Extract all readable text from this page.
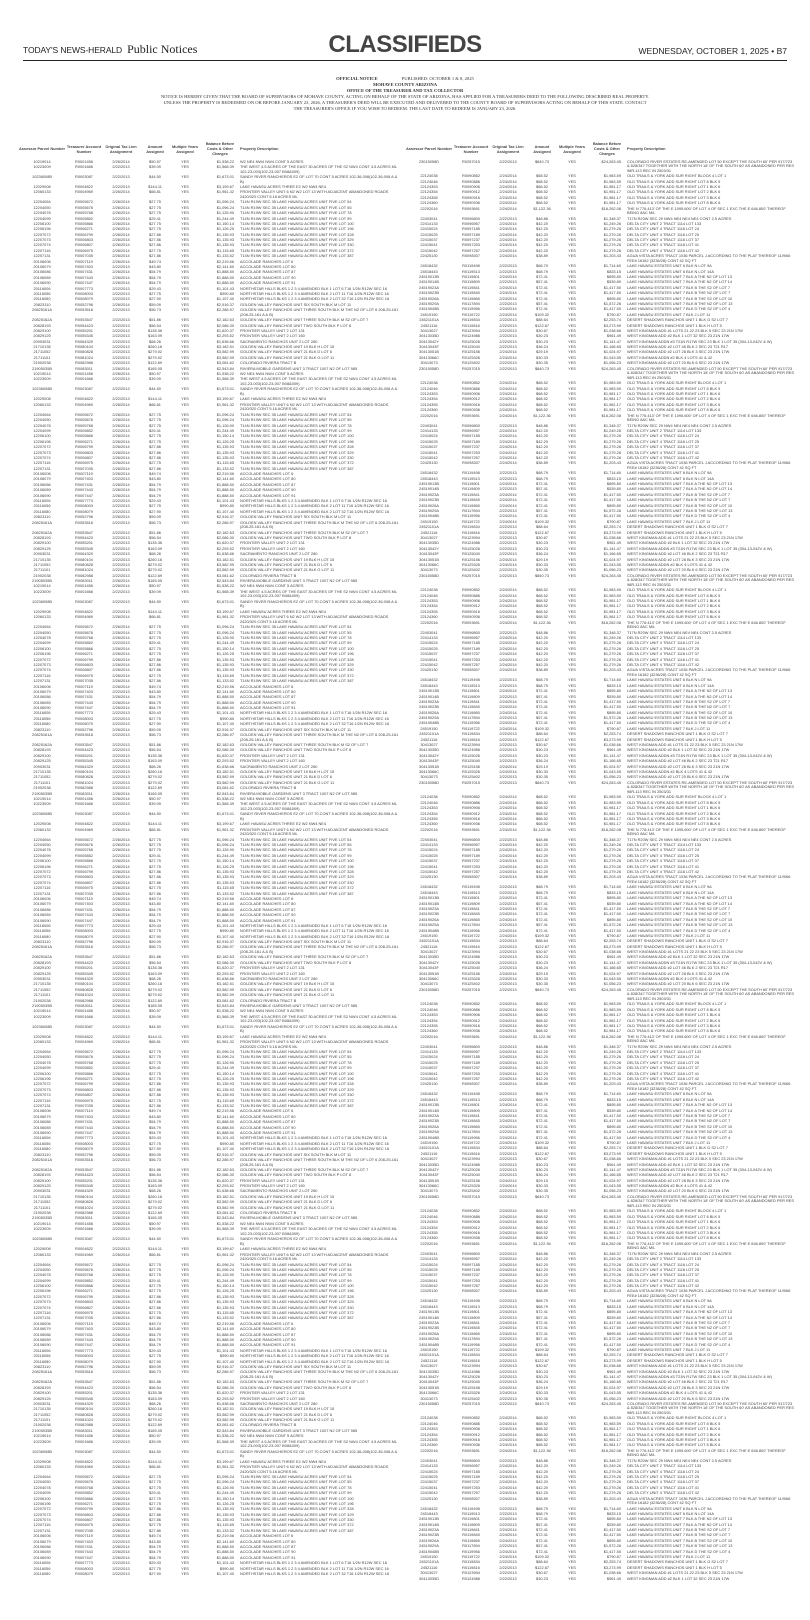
TODAY'S NEWS-HERALD Public Notices	CLASSIFIEDS	WEDNESDAY, OCTOBER 1, 2025 • B7
OFFICIAL NOTICE	PUBLISHED: OCTOBER 1 & 8, 2025
MOHAVE COUNTY ARIZONA
OFFICE OF THE TREASURER AND TAX COLLECTOR
NOTICE IS HEREBY GIVEN THAT THE BOARD OF SUPERVISORS OF MOHAVE COUNTY, ACTING ON BEHALF OF THE STATE OF ARIZONA, HAS APPLIED FOR A TREASURERS DEED TO THE FOLLOWING DESCRIBED REAL PROPERTY. UNLESS THE PROPERTY IS REDEEMED ON OR BEFORE JANUARY 23, 2026, A TREASURER'S DEED WILL BE EXECUTED AND DELIVERED TO THE COUNTY BOARD OF SUPERVISORS ACTING ON BEHALF OF THIS STATE. CONTACT THE TREASURER'S OFFICE IF YOU WISH TO REDEEM. THE LAST DATE TO REDEEM IS JANUARY 23, 2026.
Assessor Parcel Number
Treasurer Account Number
Original Tax Lien Assignment
Amount Assigned
Multiple Years Assigned
Balance Before Costs & Other Charges
Property Description
10219014	R0001456	2/26/2014	$50.97	YES	$1,538.22	W2 NE4 NW4 NW4 CONT 5 ACRES
10223009	R0001666	2/22/2013	$39.09	YES	$1,568.39	THE WEST 4.5 ACRES OF THE EAST 30 ACRES OF THE S2 NW4 CONT 4.5 ACRES ML 102-23-003(102-23-007 B08&009)
10236008B	R0003087	2/22/2013	$44.50	YES	$1,673.01	SANDY RIVER RANCHEROS E2 OF LOT 70 CONT 5 ACRES 102-36-008(102-36-008 A & B)
12029008	R0004822	2/22/2013	$144.11	YES	$3,199.67	LAKE HAVASU ACRES THREE E2 W2 NW4 NE4
12060133	R0004969	2/26/2014	$66.81	YES	$1,961.32	FRONTIER VALLEY UNIT 6 N2 W2 LOT 13 WITH ADJACENT ABANDONED ROADS 2420/320 CONT 5.16 ACRES ML
12204064	R0005672	2/26/2014	$27.75	YES	$1,096.24	T14N R19W SEC 35 LAKE HAVASU ACRES UNIT FIVE LOT 54
12204050	R0005676	2/26/2014	$27.75	YES	$1,096.24	T14N R19W SEC 35 LAKE HAVASU ACRES UNIT FIVE LOT 55
12204078	R0005768	2/26/2014	$27.75	YES	$1,126.90	T14N R19W SEC 35 LAKE HAVASU ACRES UNIT FIVE LOT 78
12204099	R0005852	2/22/2013	$29.41	YES	$1,244.49	T14N R19W SEC 35 LAKE HAVASU ACRES UNIT FIVE LOT 99
12206100	R0005866	2/26/2014	$27.75	YES	$1,150.14	T14N R19W SEC 35 LAKE HAVASU ACRES UNIT FIVE LOT 100
12206196	R0006271	2/26/2014	$27.75	YES	$1,126.25	T14N R19W SEC 35 LAKE HAVASU ACRES UNIT FIVE LOT 196
12207072	R0006799	2/26/2014	$27.86	YES	$1,135.93	T14N R19W SEC 35 LAKE HAVASU ACRES UNIT FIVE LOT 328
12207073	R0006803	2/26/2014	$27.86	YES	$1,135.93	T14N R19W SEC 35 LAKE HAVASU ACRES UNIT FIVE LOT 329
12207074	R0006807	2/26/2014	$27.86	YES	$1,135.93	T14N R19W SEC 35 LAKE HAVASU ACRES UNIT FIVE LOT 330
12207116	R0006975	2/26/2014	$27.75	YES	$1,115.65	T14N R19W SEC 35 LAKE HAVASU ACRES UNIT FIVE LOT 372
12207131	R0007035	2/26/2014	$27.86	YES	$1,133.52	T14N R19W SEC 35 LAKE HAVASU ACRES UNIT FIVE LOT 387
20106006	R0007119	2/26/2014	$49.74	YES	$2,219.56	ACCOLADE RANCHES LOT 6
20106079	R0007403	2/22/2013	$43.80	YES	$2,141.60	ACCOLADE RANCHES LOT 80
20106086	R0007431	2/26/2014	$54.79	YES	$1,888.50	ACCOLADE RANCHES LOT 87
20106089	R0007443	2/26/2014	$54.79	YES	$1,888.50	ACCOLADE RANCHES LOT 90
20106090	R0007447	2/26/2014	$54.79	YES	$1,888.50	ACCOLADE RANCHES LOT 91
20116006	R0007773	2/22/2013	$29.43	YES	$1,101.43	NORTHSTAR HILLS BLKS 1 2 3 4 AMENDED BLK 1 LOT 6 T16 1/2N R12W SEC 16
20116056	R0008003	2/22/2013	$27.75	YES	$990.80	NORTHSTAR HILLS BLKS 1 2 3 4 AMENDED BLK 2 LOT 11 T16 1/2N R12W SEC 16
20116080	R0008079	2/22/2013	$27.90	YES	$1,107.40	NORTHSTAR HILLS BLKS 1 2 3 4 AMENDED BLK 2 LOT 32 T16 1/2N R12W SEC 16
20823110	R0052796	2/26/2014	$59.09	YES	$2,916.37	GOLDEN VALLEY RANCHOS UNIT SIX SOUTH BLK M LOT 11
20825161A	R0053518	2/22/2013	$56.73	YES	$2,286.97	GOLDEN VALLEY RANCHOS UNIT THREE SOUTH BLK M THE N2 OF LOT 6 208-25-161 (208-25-161 A & B)
20825162A	R0053547	2/22/2013	$51.86	YES	$2,182.63	GOLDEN VALLEY RANCHOS UNIT THREE SOUTH BLK M S2 OF LOT 7
20828193	R0054423	2/22/2013	$56.54	YES	$2,086.30	GOLDEN VALLEY RANCHOS UNIT TWO SOUTH BLK P LOT 8
20829100	R0055201	2/22/2013	$135.36	YES	$1,620.37	FRONTIER VALLEY UNIT 2 LOT 131
20829125	R0055345	2/22/2013	$163.09	YES	$2,293.52	FRONTIER VALLEY UNIT 2 LOT 160
20903031	R0064329	2/22/2013	$68.26	YES	$1,638.66	SACRAMENTO RANCHOS UNIT 2 LOT 280
21710135	R0080104	2/22/2013	$260.16	YES	$3,182.51	GOLDEN VALLEY RANCHOS UNIT 19 BLK H LOT 15
21711052	R0080828	2/22/2013	$279.02	YES	$3,582.99	GOLDEN VALLEY RANCHOS UNIT 21 BLK D LOT 6
21711101	R0081024	2/22/2013	$279.02	YES	$3,582.99	GOLDEN VALLEY RANCHOS UNIT 21 BLK G LOT 11
21902038	R0082988	2/22/2013	$122.69	YES	$3,081.62	COLORADO RIVIERA TRACT B
21905035B	R0083011	2/26/2014	$165.05	YES	$2,543.84	RIVIERA MOBILE GARDENS UNIT 3 TRACT 1007 N2 OF LOT 985
10219014	R0001456	2/26/2014	$50.97	YES	$1,538.22	W2 NE4 NW4 NW4 CONT 5 ACRES
10223009	R0001666	2/22/2013	$39.09	YES	$1,568.39	THE WEST 4.5 ACRES OF THE EAST 30 ACRES OF THE S2 NW4 CONT 4.5 ACRES ML 102-23-003(102-23-007 B08&009)
10236008B	R0003087	2/22/2013	$44.50	YES	$1,673.01	SANDY RIVER RANCHEROS E2 OF LOT 70 CONT 5 ACRES 102-36-008(102-36-008 A & B)
12029008	R0004822	2/22/2013	$144.11	YES	$3,199.67	LAKE HAVASU ACRES THREE E2 W2 NW4 NE4
12060133	R0004969	2/26/2014	$66.81	YES	$1,961.32	FRONTIER VALLEY UNIT 6 N2 W2 LOT 13 WITH ADJACENT ABANDONED ROADS 2420/320 CONT 5.16 ACRES ML
12204064	R0005672	2/26/2014	$27.75	YES	$1,096.24	T14N R19W SEC 35 LAKE HAVASU ACRES UNIT FIVE LOT 54
12204050	R0005676	2/26/2014	$27.75	YES	$1,096.24	T14N R19W SEC 35 LAKE HAVASU ACRES UNIT FIVE LOT 55
12204078	R0005768	2/26/2014	$27.75	YES	$1,126.90	T14N R19W SEC 35 LAKE HAVASU ACRES UNIT FIVE LOT 78
12204099	R0005852	2/22/2013	$29.41	YES	$1,244.49	T14N R19W SEC 35 LAKE HAVASU ACRES UNIT FIVE LOT 99
12206100	R0005866	2/26/2014	$27.75	YES	$1,150.14	T14N R19W SEC 35 LAKE HAVASU ACRES UNIT FIVE LOT 100
12206196	R0006271	2/26/2014	$27.75	YES	$1,126.25	T14N R19W SEC 35 LAKE HAVASU ACRES UNIT FIVE LOT 196
12207072	R0006799	2/26/2014	$27.86	YES	$1,135.93	T14N R19W SEC 35 LAKE HAVASU ACRES UNIT FIVE LOT 328
12207073	R0006803	2/26/2014	$27.86	YES	$1,135.93	T14N R19W SEC 35 LAKE HAVASU ACRES UNIT FIVE LOT 329
12207074	R0006807	2/26/2014	$27.86	YES	$1,135.93	T14N R19W SEC 35 LAKE HAVASU ACRES UNIT FIVE LOT 330
12207116	R0006975	2/26/2014	$27.75	YES	$1,115.65	T14N R19W SEC 35 LAKE HAVASU ACRES UNIT FIVE LOT 372
12207131	R0007035	2/26/2014	$27.86	YES	$1,133.52	T14N R19W SEC 35 LAKE HAVASU ACRES UNIT FIVE LOT 387
20106006	R0007119	2/26/2014	$49.74	YES	$2,219.56	ACCOLADE RANCHES LOT 6
20106079	R0007403	2/22/2013	$43.80	YES	$2,141.60	ACCOLADE RANCHES LOT 80
20106086	R0007431	2/26/2014	$54.79	YES	$1,888.50	ACCOLADE RANCHES LOT 87
20106089	R0007443	2/26/2014	$54.79	YES	$1,888.50	ACCOLADE RANCHES LOT 90
20106090	R0007447	2/26/2014	$54.79	YES	$1,888.50	ACCOLADE RANCHES LOT 91
20116006	R0007773	2/22/2013	$29.43	YES	$1,101.43	NORTHSTAR HILLS BLKS 1 2 3 4 AMENDED BLK 1 LOT 6 T16 1/2N R12W SEC 16
20116056	R0008003	2/22/2013	$27.75	YES	$990.80	NORTHSTAR HILLS BLKS 1 2 3 4 AMENDED BLK 2 LOT 11 T16 1/2N R12W SEC 16
20116080	R0008079	2/22/2013	$27.90	YES	$1,107.40	NORTHSTAR HILLS BLKS 1 2 3 4 AMENDED BLK 2 LOT 32 T16 1/2N R12W SEC 16
20823110	R0052796	2/26/2014	$59.09	YES	$2,916.37	GOLDEN VALLEY RANCHOS UNIT SIX SOUTH BLK M LOT 11
20825161A	R0053518	2/22/2013	$56.73	YES	$2,286.97	GOLDEN VALLEY RANCHOS UNIT THREE SOUTH BLK M THE N2 OF LOT 6 208-25-161 (208-25-161 A & B)
20825162A	R0053547	2/22/2013	$51.86	YES	$2,182.63	GOLDEN VALLEY RANCHOS UNIT THREE SOUTH BLK M S2 OF LOT 7
20828193	R0054423	2/22/2013	$56.54	YES	$2,086.30	GOLDEN VALLEY RANCHOS UNIT TWO SOUTH BLK P LOT 8
20829100	R0055201	2/22/2013	$135.36	YES	$1,620.37	FRONTIER VALLEY UNIT 2 LOT 131
20829125	R0055345	2/22/2013	$163.09	YES	$2,293.52	FRONTIER VALLEY UNIT 2 LOT 160
20903031	R0064329	2/22/2013	$68.26	YES	$1,638.66	SACRAMENTO RANCHOS UNIT 2 LOT 280
21710135	R0080104	2/22/2013	$260.16	YES	$3,182.51	GOLDEN VALLEY RANCHOS UNIT 19 BLK H LOT 15
21711052	R0080828	2/22/2013	$279.02	YES	$3,582.99	GOLDEN VALLEY RANCHOS UNIT 21 BLK D LOT 6
21711101	R0081024	2/22/2013	$279.02	YES	$3,582.99	GOLDEN VALLEY RANCHOS UNIT 21 BLK G LOT 11
21902038	R0082988	2/22/2013	$122.69	YES	$3,081.62	COLORADO RIVIERA TRACT B
21905035B	R0083011	2/26/2014	$165.05	YES	$2,543.84	RIVIERA MOBILE GARDENS UNIT 3 TRACT 1007 N2 OF LOT 985
10219014	R0001456	2/26/2014	$50.97	YES	$1,538.22	W2 NE4 NW4 NW4 CONT 5 ACRES
10223009	R0001666	2/22/2013	$39.09	YES	$1,568.39	THE WEST 4.5 ACRES OF THE EAST 30 ACRES OF THE S2 NW4 CONT 4.5 ACRES ML 102-23-003(102-23-007 B08&009)
10236008B	R0003087	2/22/2013	$44.50	YES	$1,673.01	SANDY RIVER RANCHEROS E2 OF LOT 70 CONT 5 ACRES 102-36-008(102-36-008 A & B)
12029008	R0004822	2/22/2013	$144.11	YES	$3,199.67	LAKE HAVASU ACRES THREE E2 W2 NW4 NE4
12060133	R0004969	2/26/2014	$66.81	YES	$1,961.32	FRONTIER VALLEY UNIT 6 N2 W2 LOT 13 WITH ADJACENT ABANDONED ROADS 2420/320 CONT 5.16 ACRES ML
12204064	R0005672	2/26/2014	$27.75	YES	$1,096.24	T14N R19W SEC 35 LAKE HAVASU ACRES UNIT FIVE LOT 54
12204050	R0005676	2/26/2014	$27.75	YES	$1,096.24	T14N R19W SEC 35 LAKE HAVASU ACRES UNIT FIVE LOT 55
12204078	R0005768	2/26/2014	$27.75	YES	$1,126.90	T14N R19W SEC 35 LAKE HAVASU ACRES UNIT FIVE LOT 78
12204099	R0005852	2/22/2013	$29.41	YES	$1,244.49	T14N R19W SEC 35 LAKE HAVASU ACRES UNIT FIVE LOT 99
12206100	R0005866	2/26/2014	$27.75	YES	$1,150.14	T14N R19W SEC 35 LAKE HAVASU ACRES UNIT FIVE LOT 100
12206196	R0006271	2/26/2014	$27.75	YES	$1,126.25	T14N R19W SEC 35 LAKE HAVASU ACRES UNIT FIVE LOT 196
12207072	R0006799	2/26/2014	$27.86	YES	$1,135.93	T14N R19W SEC 35 LAKE HAVASU ACRES UNIT FIVE LOT 328
12207073	R0006803	2/26/2014	$27.86	YES	$1,135.93	T14N R19W SEC 35 LAKE HAVASU ACRES UNIT FIVE LOT 329
12207074	R0006807	2/26/2014	$27.86	YES	$1,135.93	T14N R19W SEC 35 LAKE HAVASU ACRES UNIT FIVE LOT 330
12207116	R0006975	2/26/2014	$27.75	YES	$1,115.65	T14N R19W SEC 35 LAKE HAVASU ACRES UNIT FIVE LOT 372
12207131	R0007035	2/26/2014	$27.86	YES	$1,133.52	T14N R19W SEC 35 LAKE HAVASU ACRES UNIT FIVE LOT 387
20106006	R0007119	2/26/2014	$49.74	YES	$2,219.56	ACCOLADE RANCHES LOT 6
20106079	R0007403	2/22/2013	$43.80	YES	$2,141.60	ACCOLADE RANCHES LOT 80
20106086	R0007431	2/26/2014	$54.79	YES	$1,888.50	ACCOLADE RANCHES LOT 87
20106089	R0007443	2/26/2014	$54.79	YES	$1,888.50	ACCOLADE RANCHES LOT 90
20106090	R0007447	2/26/2014	$54.79	YES	$1,888.50	ACCOLADE RANCHES LOT 91
20116006	R0007773	2/22/2013	$29.43	YES	$1,101.43	NORTHSTAR HILLS BLKS 1 2 3 4 AMENDED BLK 1 LOT 6 T16 1/2N R12W SEC 16
20116056	R0008003	2/22/2013	$27.75	YES	$990.80	NORTHSTAR HILLS BLKS 1 2 3 4 AMENDED BLK 2 LOT 11 T16 1/2N R12W SEC 16
20116080	R0008079	2/22/2013	$27.90	YES	$1,107.40	NORTHSTAR HILLS BLKS 1 2 3 4 AMENDED BLK 2 LOT 32 T16 1/2N R12W SEC 16
20823110	R0052796	2/26/2014	$59.09	YES	$2,916.37	GOLDEN VALLEY RANCHOS UNIT SIX SOUTH BLK M LOT 11
20825161A	R0053518	2/22/2013	$56.73	YES	$2,286.97	GOLDEN VALLEY RANCHOS UNIT THREE SOUTH BLK M THE N2 OF LOT 6 208-25-161 (208-25-161 A & B)
20825162A	R0053547	2/22/2013	$51.86	YES	$2,182.63	GOLDEN VALLEY RANCHOS UNIT THREE SOUTH BLK M S2 OF LOT 7
20828193	R0054423	2/22/2013	$56.54	YES	$2,086.30	GOLDEN VALLEY RANCHOS UNIT TWO SOUTH BLK P LOT 8
20829100	R0055201	2/22/2013	$135.36	YES	$1,620.37	FRONTIER VALLEY UNIT 2 LOT 131
20829125	R0055345	2/22/2013	$163.09	YES	$2,293.52	FRONTIER VALLEY UNIT 2 LOT 160
20903031	R0064329	2/22/2013	$68.26	YES	$1,638.66	SACRAMENTO RANCHOS UNIT 2 LOT 280
21710135	R0080104	2/22/2013	$260.16	YES	$3,182.51	GOLDEN VALLEY RANCHOS UNIT 19 BLK H LOT 15
21711052	R0080828	2/22/2013	$279.02	YES	$3,582.99	GOLDEN VALLEY RANCHOS UNIT 21 BLK D LOT 6
21711101	R0081024	2/22/2013	$279.02	YES	$3,582.99	GOLDEN VALLEY RANCHOS UNIT 21 BLK G LOT 11
21902038	R0082988	2/22/2013	$122.69	YES	$3,081.62	COLORADO RIVIERA TRACT B
21905035B	R0083011	2/26/2014	$165.05	YES	$2,543.84	RIVIERA MOBILE GARDENS UNIT 3 TRACT 1007 N2 OF LOT 985
10219014	R0001456	2/26/2014	$50.97	YES	$1,538.22	W2 NE4 NW4 NW4 CONT 5 ACRES
10223009	R0001666	2/22/2013	$39.09	YES	$1,568.39	THE WEST 4.5 ACRES OF THE EAST 30 ACRES OF THE S2 NW4 CONT 4.5 ACRES ML 102-23-003(102-23-007 B08&009)
10236008B	R0003087	2/22/2013	$44.50	YES	$1,673.01	SANDY RIVER RANCHEROS E2 OF LOT 70 CONT 5 ACRES 102-36-008(102-36-008 A & B)
12029008	R0004822	2/22/2013	$144.11	YES	$3,199.67	LAKE HAVASU ACRES THREE E2 W2 NW4 NE4
12060133	R0004969	2/26/2014	$66.81	YES	$1,961.32	FRONTIER VALLEY UNIT 6 N2 W2 LOT 13 WITH ADJACENT ABANDONED ROADS 2420/320 CONT 5.16 ACRES ML
12204064	R0005672	2/26/2014	$27.75	YES	$1,096.24	T14N R19W SEC 35 LAKE HAVASU ACRES UNIT FIVE LOT 54
12204050	R0005676	2/26/2014	$27.75	YES	$1,096.24	T14N R19W SEC 35 LAKE HAVASU ACRES UNIT FIVE LOT 55
12204078	R0005768	2/26/2014	$27.75	YES	$1,126.90	T14N R19W SEC 35 LAKE HAVASU ACRES UNIT FIVE LOT 78
12204099	R0005852	2/22/2013	$29.41	YES	$1,244.49	T14N R19W SEC 35 LAKE HAVASU ACRES UNIT FIVE LOT 99
12206100	R0005866	2/26/2014	$27.75	YES	$1,150.14	T14N R19W SEC 35 LAKE HAVASU ACRES UNIT FIVE LOT 100
12206196	R0006271	2/26/2014	$27.75	YES	$1,126.25	T14N R19W SEC 35 LAKE HAVASU ACRES UNIT FIVE LOT 196
12207072	R0006799	2/26/2014	$27.86	YES	$1,135.93	T14N R19W SEC 35 LAKE HAVASU ACRES UNIT FIVE LOT 328
12207073	R0006803	2/26/2014	$27.86	YES	$1,135.93	T14N R19W SEC 35 LAKE HAVASU ACRES UNIT FIVE LOT 329
12207074	R0006807	2/26/2014	$27.86	YES	$1,135.93	T14N R19W SEC 35 LAKE HAVASU ACRES UNIT FIVE LOT 330
12207116	R0006975	2/26/2014	$27.75	YES	$1,115.65	T14N R19W SEC 35 LAKE HAVASU ACRES UNIT FIVE LOT 372
12207131	R0007035	2/26/2014	$27.86	YES	$1,133.52	T14N R19W SEC 35 LAKE HAVASU ACRES UNIT FIVE LOT 387
20106006	R0007119	2/26/2014	$49.74	YES	$2,219.56	ACCOLADE RANCHES LOT 6
20106079	R0007403	2/22/2013	$43.80	YES	$2,141.60	ACCOLADE RANCHES LOT 80
20106086	R0007431	2/26/2014	$54.79	YES	$1,888.50	ACCOLADE RANCHES LOT 87
20106089	R0007443	2/26/2014	$54.79	YES	$1,888.50	ACCOLADE RANCHES LOT 90
20106090	R0007447	2/26/2014	$54.79	YES	$1,888.50	ACCOLADE RANCHES LOT 91
20116006	R0007773	2/22/2013	$29.43	YES	$1,101.43	NORTHSTAR HILLS BLKS 1 2 3 4 AMENDED BLK 1 LOT 6 T16 1/2N R12W SEC 16
20116056	R0008003	2/22/2013	$27.75	YES	$990.80	NORTHSTAR HILLS BLKS 1 2 3 4 AMENDED BLK 2 LOT 11 T16 1/2N R12W SEC 16
20116080	R0008079	2/22/2013	$27.90	YES	$1,107.40	NORTHSTAR HILLS BLKS 1 2 3 4 AMENDED BLK 2 LOT 32 T16 1/2N R12W SEC 16
20823110	R0052796	2/26/2014	$59.09	YES	$2,916.37	GOLDEN VALLEY RANCHOS UNIT SIX SOUTH BLK M LOT 11
20825161A	R0053518	2/22/2013	$56.73	YES	$2,286.97	GOLDEN VALLEY RANCHOS UNIT THREE SOUTH BLK M THE N2 OF LOT 6 208-25-161 (208-25-161 A & B)
20825162A	R0053547	2/22/2013	$51.86	YES	$2,182.63	GOLDEN VALLEY RANCHOS UNIT THREE SOUTH BLK M S2 OF LOT 7
20828193	R0054423	2/22/2013	$56.54	YES	$2,086.30	GOLDEN VALLEY RANCHOS UNIT TWO SOUTH BLK P LOT 8
20829100	R0055201	2/22/2013	$135.36	YES	$1,620.37	FRONTIER VALLEY UNIT 2 LOT 131
20829125	R0055345	2/22/2013	$163.09	YES	$2,293.52	FRONTIER VALLEY UNIT 2 LOT 160
20903031	R0064329	2/22/2013	$68.26	YES	$1,638.66	SACRAMENTO RANCHOS UNIT 2 LOT 280
21710135	R0080104	2/22/2013	$260.16	YES	$3,182.51	GOLDEN VALLEY RANCHOS UNIT 19 BLK H LOT 15
21711052	R0080828	2/22/2013	$279.02	YES	$3,582.99	GOLDEN VALLEY RANCHOS UNIT 21 BLK D LOT 6
21711101	R0081024	2/22/2013	$279.02	YES	$3,582.99	GOLDEN VALLEY RANCHOS UNIT 21 BLK G LOT 11
21902038	R0082988	2/22/2013	$122.69	YES	$3,081.62	COLORADO RIVIERA TRACT B
21905035B	R0083011	2/26/2014	$165.05	YES	$2,543.84	RIVIERA MOBILE GARDENS UNIT 3 TRACT 1007 N2 OF LOT 985
10219014	R0001456	2/26/2014	$50.97	YES	$1,538.22	W2 NE4 NW4 NW4 CONT 5 ACRES
10223009	R0001666	2/22/2013	$39.09	YES	$1,568.39	THE WEST 4.5 ACRES OF THE EAST 30 ACRES OF THE S2 NW4 CONT 4.5 ACRES ML 102-23-003(102-23-007 B08&009)
10236008B	R0003087	2/22/2013	$44.50	YES	$1,673.01	SANDY RIVER RANCHEROS E2 OF LOT 70 CONT 5 ACRES 102-36-008(102-36-008 A & B)
12029008	R0004822	2/22/2013	$144.11	YES	$3,199.67	LAKE HAVASU ACRES THREE E2 W2 NW4 NE4
12060133	R0004969	2/26/2014	$66.81	YES	$1,961.32	FRONTIER VALLEY UNIT 6 N2 W2 LOT 13 WITH ADJACENT ABANDONED ROADS 2420/320 CONT 5.16 ACRES ML
12204064	R0005672	2/26/2014	$27.75	YES	$1,096.24	T14N R19W SEC 35 LAKE HAVASU ACRES UNIT FIVE LOT 54
12204050	R0005676	2/26/2014	$27.75	YES	$1,096.24	T14N R19W SEC 35 LAKE HAVASU ACRES UNIT FIVE LOT 55
12204078	R0005768	2/26/2014	$27.75	YES	$1,126.90	T14N R19W SEC 35 LAKE HAVASU ACRES UNIT FIVE LOT 78
12204099	R0005852	2/22/2013	$29.41	YES	$1,244.49	T14N R19W SEC 35 LAKE HAVASU ACRES UNIT FIVE LOT 99
12206100	R0005866	2/26/2014	$27.75	YES	$1,150.14	T14N R19W SEC 35 LAKE HAVASU ACRES UNIT FIVE LOT 100
12206196	R0006271	2/26/2014	$27.75	YES	$1,126.25	T14N R19W SEC 35 LAKE HAVASU ACRES UNIT FIVE LOT 196
12207072	R0006799	2/26/2014	$27.86	YES	$1,135.93	T14N R19W SEC 35 LAKE HAVASU ACRES UNIT FIVE LOT 328
12207073	R0006803	2/26/2014	$27.86	YES	$1,135.93	T14N R19W SEC 35 LAKE HAVASU ACRES UNIT FIVE LOT 329
12207074	R0006807	2/26/2014	$27.86	YES	$1,135.93	T14N R19W SEC 35 LAKE HAVASU ACRES UNIT FIVE LOT 330
12207116	R0006975	2/26/2014	$27.75	YES	$1,115.65	T14N R19W SEC 35 LAKE HAVASU ACRES UNIT FIVE LOT 372
12207131	R0007035	2/26/2014	$27.86	YES	$1,133.52	T14N R19W SEC 35 LAKE HAVASU ACRES UNIT FIVE LOT 387
20106006	R0007119	2/26/2014	$49.74	YES	$2,219.56	ACCOLADE RANCHES LOT 6
20106079	R0007403	2/22/2013	$43.80	YES	$2,141.60	ACCOLADE RANCHES LOT 80
20106086	R0007431	2/26/2014	$54.79	YES	$1,888.50	ACCOLADE RANCHES LOT 87
20106089	R0007443	2/26/2014	$54.79	YES	$1,888.50	ACCOLADE RANCHES LOT 90
20106090	R0007447	2/26/2014	$54.79	YES	$1,888.50	ACCOLADE RANCHES LOT 91
20116006	R0007773	2/22/2013	$29.43	YES	$1,101.43	NORTHSTAR HILLS BLKS 1 2 3 4 AMENDED BLK 1 LOT 6 T16 1/2N R12W SEC 16
20116056	R0008003	2/22/2013	$27.75	YES	$990.80	NORTHSTAR HILLS BLKS 1 2 3 4 AMENDED BLK 2 LOT 11 T16 1/2N R12W SEC 16
20116080	R0008079	2/22/2013	$27.90	YES	$1,107.40	NORTHSTAR HILLS BLKS 1 2 3 4 AMENDED BLK 2 LOT 32 T16 1/2N R12W SEC 16
20823110	R0052796	2/26/2014	$59.09	YES	$2,916.37	GOLDEN VALLEY RANCHOS UNIT SIX SOUTH BLK M LOT 11
20825161A	R0053518	2/22/2013	$56.73	YES	$2,286.97	GOLDEN VALLEY RANCHOS UNIT THREE SOUTH BLK M THE N2 OF LOT 6 208-25-161 (208-25-161 A & B)
20825162A	R0053547	2/22/2013	$51.86	YES	$2,182.63	GOLDEN VALLEY RANCHOS UNIT THREE SOUTH BLK M S2 OF LOT 7
20828193	R0054423	2/22/2013	$56.54	YES	$2,086.30	GOLDEN VALLEY RANCHOS UNIT TWO SOUTH BLK P LOT 8
20829100	R0055201	2/22/2013	$135.36	YES	$1,620.37	FRONTIER VALLEY UNIT 2 LOT 131
20829125	R0055345	2/22/2013	$163.09	YES	$2,293.52	FRONTIER VALLEY UNIT 2 LOT 160
20903031	R0064329	2/22/2013	$68.26	YES	$1,638.66	SACRAMENTO RANCHOS UNIT 2 LOT 280
21710135	R0080104	2/22/2013	$260.16	YES	$3,182.51	GOLDEN VALLEY RANCHOS UNIT 19 BLK H LOT 15
21711052	R0080828	2/22/2013	$279.02	YES	$3,582.99	GOLDEN VALLEY RANCHOS UNIT 21 BLK D LOT 6
21711101	R0081024	2/22/2013	$279.02	YES	$3,582.99	GOLDEN VALLEY RANCHOS UNIT 21 BLK G LOT 11
21902038	R0082988	2/22/2013	$122.69	YES	$3,081.62	COLORADO RIVIERA TRACT B
21905035B	R0083011	2/26/2014	$165.05	YES	$2,543.84	RIVIERA MOBILE GARDENS UNIT 3 TRACT 1007 N2 OF LOT 985
10219014	R0001456	2/26/2014	$50.97	YES	$1,538.22	W2 NE4 NW4 NW4 CONT 5 ACRES
10223009	R0001666	2/22/2013	$39.09	YES	$1,568.39	THE WEST 4.5 ACRES OF THE EAST 30 ACRES OF THE S2 NW4 CONT 4.5 ACRES ML 102-23-003(102-23-007 B08&009)
10236008B	R0003087	2/22/2013	$44.50	YES	$1,673.01	SANDY RIVER RANCHEROS E2 OF LOT 70 CONT 5 ACRES 102-36-008(102-36-008 A & B)
12029008	R0004822	2/22/2013	$144.11	YES	$3,199.67	LAKE HAVASU ACRES THREE E2 W2 NW4 NE4
12060133	R0004969	2/26/2014	$66.81	YES	$1,961.32	FRONTIER VALLEY UNIT 6 N2 W2 LOT 13 WITH ADJACENT ABANDONED ROADS 2420/320 CONT 5.16 ACRES ML
12204064	R0005672	2/26/2014	$27.75	YES	$1,096.24	T14N R19W SEC 35 LAKE HAVASU ACRES UNIT FIVE LOT 54
12204050	R0005676	2/26/2014	$27.75	YES	$1,096.24	T14N R19W SEC 35 LAKE HAVASU ACRES UNIT FIVE LOT 55
12204078	R0005768	2/26/2014	$27.75	YES	$1,126.90	T14N R19W SEC 35 LAKE HAVASU ACRES UNIT FIVE LOT 78
12204099	R0005852	2/22/2013	$29.41	YES	$1,244.49	T14N R19W SEC 35 LAKE HAVASU ACRES UNIT FIVE LOT 99
12206100	R0005866	2/26/2014	$27.75	YES	$1,150.14	T14N R19W SEC 35 LAKE HAVASU ACRES UNIT FIVE LOT 100
12206196	R0006271	2/26/2014	$27.75	YES	$1,126.25	T14N R19W SEC 35 LAKE HAVASU ACRES UNIT FIVE LOT 196
12207072	R0006799	2/26/2014	$27.86	YES	$1,135.93	T14N R19W SEC 35 LAKE HAVASU ACRES UNIT FIVE LOT 328
12207073	R0006803	2/26/2014	$27.86	YES	$1,135.93	T14N R19W SEC 35 LAKE HAVASU ACRES UNIT FIVE LOT 329
12207074	R0006807	2/26/2014	$27.86	YES	$1,135.93	T14N R19W SEC 35 LAKE HAVASU ACRES UNIT FIVE LOT 330
12207116	R0006975	2/26/2014	$27.75	YES	$1,115.65	T14N R19W SEC 35 LAKE HAVASU ACRES UNIT FIVE LOT 372
12207131	R0007035	2/26/2014	$27.86	YES	$1,133.52	T14N R19W SEC 35 LAKE HAVASU ACRES UNIT FIVE LOT 387
20106006	R0007119	2/26/2014	$49.74	YES	$2,219.56	ACCOLADE RANCHES LOT 6
20106079	R0007403	2/22/2013	$43.80	YES	$2,141.60	ACCOLADE RANCHES LOT 80
20106086	R0007431	2/26/2014	$54.79	YES	$1,888.50	ACCOLADE RANCHES LOT 87
20106089	R0007443	2/26/2014	$54.79	YES	$1,888.50	ACCOLADE RANCHES LOT 90
20106090	R0007447	2/26/2014	$54.79	YES	$1,888.50	ACCOLADE RANCHES LOT 91
20116006	R0007773	2/22/2013	$29.43	YES	$1,101.43	NORTHSTAR HILLS BLKS 1 2 3 4 AMENDED BLK 1 LOT 6 T16 1/2N R12W SEC 16
20116056	R0008003	2/22/2013	$27.75	YES	$990.80	NORTHSTAR HILLS BLKS 1 2 3 4 AMENDED BLK 2 LOT 11 T16 1/2N R12W SEC 16
20116080	R0008079	2/22/2013	$27.90	YES	$1,107.40	NORTHSTAR HILLS BLKS 1 2 3 4 AMENDED BLK 2 LOT 32 T16 1/2N R12W SEC 16
20823110	R0052796	2/26/2014	$59.09	YES	$2,916.37	GOLDEN VALLEY RANCHOS UNIT SIX SOUTH BLK M LOT 11
20825161A	R0053518	2/22/2013	$56.73	YES	$2,286.97	GOLDEN VALLEY RANCHOS UNIT THREE SOUTH BLK M THE N2 OF LOT 6 208-25-161 (208-25-161 A & B)
20825162A	R0053547	2/22/2013	$51.86	YES	$2,182.63	GOLDEN VALLEY RANCHOS UNIT THREE SOUTH BLK M S2 OF LOT 7
20828193	R0054423	2/22/2013	$56.54	YES	$2,086.30	GOLDEN VALLEY RANCHOS UNIT TWO SOUTH BLK P LOT 8
20829100	R0055201	2/22/2013	$135.36	YES	$1,620.37	FRONTIER VALLEY UNIT 2 LOT 131
20829125	R0055345	2/22/2013	$163.09	YES	$2,293.52	FRONTIER VALLEY UNIT 2 LOT 160
20903031	R0064329	2/22/2013	$68.26	YES	$1,638.66	SACRAMENTO RANCHOS UNIT 2 LOT 280
21710135	R0080104	2/22/2013	$260.16	YES	$3,182.51	GOLDEN VALLEY RANCHOS UNIT 19 BLK H LOT 15
21711052	R0080828	2/22/2013	$279.02	YES	$3,582.99	GOLDEN VALLEY RANCHOS UNIT 21 BLK D LOT 6
21711101	R0081024	2/22/2013	$279.02	YES	$3,582.99	GOLDEN VALLEY RANCHOS UNIT 21 BLK G LOT 11
21902038	R0082988	2/22/2013	$122.69	YES	$3,081.62	COLORADO RIVIERA TRACT B
21905035B	R0083011	2/26/2014	$165.05	YES	$2,543.84	RIVIERA MOBILE GARDENS UNIT 3 TRACT 1007 N2 OF LOT 985
10219014	R0001456	2/26/2014	$50.97	YES	$1,538.22	W2 NE4 NW4 NW4 CONT 5 ACRES
10223009	R0001666	2/22/2013	$39.09	YES	$1,568.39	THE WEST 4.5 ACRES OF THE EAST 30 ACRES OF THE S2 NW4 CONT 4.5 ACRES ML 102-23-003(102-23-007 B08&009)
10236008B	R0003087	2/22/2013	$44.50	YES	$1,673.01	SANDY RIVER RANCHEROS E2 OF LOT 70 CONT 5 ACRES 102-36-008(102-36-008 A & B)
12029008	R0004822	2/22/2013	$144.11	YES	$3,199.67	LAKE HAVASU ACRES THREE E2 W2 NW4 NE4
12060133	R0004969	2/26/2014	$66.81	YES	$1,961.32	FRONTIER VALLEY UNIT 6 N2 W2 LOT 13 WITH ADJACENT ABANDONED ROADS 2420/320 CONT 5.16 ACRES ML
12204064	R0005672	2/26/2014	$27.75	YES	$1,096.24	T14N R19W SEC 35 LAKE HAVASU ACRES UNIT FIVE LOT 54
12204050	R0005676	2/26/2014	$27.75	YES	$1,096.24	T14N R19W SEC 35 LAKE HAVASU ACRES UNIT FIVE LOT 55
12204078	R0005768	2/26/2014	$27.75	YES	$1,126.90	T14N R19W SEC 35 LAKE HAVASU ACRES UNIT FIVE LOT 78
12204099	R0005852	2/22/2013	$29.41	YES	$1,244.49	T14N R19W SEC 35 LAKE HAVASU ACRES UNIT FIVE LOT 99
12206100	R0005866	2/26/2014	$27.75	YES	$1,150.14	T14N R19W SEC 35 LAKE HAVASU ACRES UNIT FIVE LOT 100
12206196	R0006271	2/26/2014	$27.75	YES	$1,126.25	T14N R19W SEC 35 LAKE HAVASU ACRES UNIT FIVE LOT 196
12207072	R0006799	2/26/2014	$27.86	YES	$1,135.93	T14N R19W SEC 35 LAKE HAVASU ACRES UNIT FIVE LOT 328
12207073	R0006803	2/26/2014	$27.86	YES	$1,135.93	T14N R19W SEC 35 LAKE HAVASU ACRES UNIT FIVE LOT 329
12207074	R0006807	2/26/2014	$27.86	YES	$1,135.93	T14N R19W SEC 35 LAKE HAVASU ACRES UNIT FIVE LOT 330
12207116	R0006975	2/26/2014	$27.75	YES	$1,115.65	T14N R19W SEC 35 LAKE HAVASU ACRES UNIT FIVE LOT 372
12207131	R0007035	2/26/2014	$27.86	YES	$1,133.52	T14N R19W SEC 35 LAKE HAVASU ACRES UNIT FIVE LOT 387
20106006	R0007119	2/26/2014	$49.74	YES	$2,219.56	ACCOLADE RANCHES LOT 6
20106079	R0007403	2/22/2013	$43.80	YES	$2,141.60	ACCOLADE RANCHES LOT 80
20106086	R0007431	2/26/2014	$54.79	YES	$1,888.50	ACCOLADE RANCHES LOT 87
20106089	R0007443	2/26/2014	$54.79	YES	$1,888.50	ACCOLADE RANCHES LOT 90
20106090	R0007447	2/26/2014	$54.79	YES	$1,888.50	ACCOLADE RANCHES LOT 91
20116006	R0007773	2/22/2013	$29.43	YES	$1,101.43	NORTHSTAR HILLS BLKS 1 2 3 4 AMENDED BLK 1 LOT 6 T16 1/2N R12W SEC 16
20116056	R0008003	2/22/2013	$27.75	YES	$990.80	NORTHSTAR HILLS BLKS 1 2 3 4 AMENDED BLK 2 LOT 11 T16 1/2N R12W SEC 16
20116080	R0008079	2/22/2013	$27.90	YES	$1,107.40	NORTHSTAR HILLS BLKS 1 2 3 4 AMENDED BLK 2 LOT 32 T16 1/2N R12W SEC 16
Assessor Parcel Number
Treasurer Account Number
Original Tax Lien Assignment
Amount Assigned
Multiple Years Assigned
Balance Before Costs & Other Charges
Property Description
23015058D	R0257015	2/22/2013	$840.73	YES	$24,263.45	COLORADO RIVER ESTATES RE-AMENDED LOT 50 EXCEPT THE SOUTH 60' PER 917/723 & 828/347 TOGETHER WITH THE NORTH 18' OF THE SOUTH 60' AS ABANDONED PER RES 98R-113 REC IN 2503/31
22124038	R0090852	2/24/2014	$68.52	YES	$1,983.59	OLD TRAILS & YORK ADD SUR RIGHT BLOCK 4 LOT 1
22124046	R0090886	2/24/2014	$68.52	YES	$1,983.59	OLD TRAILS & YORK ADD SUR RIGHT LOT 8 BLK 5
22124353	R0090906	2/24/2014	$68.52	YES	$1,981.17	OLD TRAILS & YORK ADD SUR RIGHT LOT 1 BLK 6
22124354	R0090912	2/24/2014	$68.52	YES	$1,981.17	OLD TRAILS & YORK ADD SUR RIGHT LOT 2 BLK 6
22124355	R0090916	2/24/2014	$68.52	YES	$1,981.17	OLD TRAILS & YORK ADD SUR RIGHT LOT 3 BLK 6
22124360	R0090936	2/24/2014	$68.52	YES	$1,981.17	OLD TRAILS & YORK ADD SUR RIGHT LOT 8 BLK 6
22202016	R0093691	2/24/2014	$1,122.36	YES	$16,262.08	THE N 776.413' OF THE E 1095.600' OF LOT 4 OF SEC 1 EXC THE E 646.800' THEREOF BEING 8AC M/L
22403041	R0096800	2/22/2013	$48.86	YES	$1,348.37	T17N R20W SEC 29 NW4 NE4 NE4 NE4 CONT 2.5 ACRES
22414133	R0096957	2/24/2014	$42.20	YES	$1,249.26	DELTA CITY UNIT 2 TRACT 1114 LOT 133
22415024	R0097185	2/24/2014	$42.20	YES	$1,279.26	DELTA CITY UNIT 4 TRACT 1116 LOT 24
22415025	R0097189	2/24/2014	$42.20	YES	$1,279.26	DELTA CITY UNIT 4 TRACT 1116 LOT 25
22415037	R0097237	2/24/2014	$42.20	YES	$1,279.26	DELTA CITY UNIT 4 TRACT 1116 LOT 37
22415041	R0097253	2/24/2014	$42.20	YES	$1,279.26	DELTA CITY UNIT 4 TRACT 1116 LOT 41
22415042	R0097257	2/24/2014	$42.20	YES	$1,279.26	DELTA CITY UNIT 4 TRACT 1116 LOT 42
22425130	R0098307	2/24/2014	$38.89	YES	$1,203.43	AGUA VISTA ACRES TRACT 1036 PARCEL J ACCORDING TO THE PLAT THEREOF 11/9/66 FEE# 16182 (3236/28) CONT 42 SQ FT
24518432	R0119498	2/22/2013	$68.79	YES	$1,714.60	LAKE HAVASU ESTATES UNIT 6 BLK N LOT 9A
24518443	R0119513	2/22/2013	$68.79	YES	$833.15	LAKE HAVASU ESTATES UNIT 6 BLK N LOT 14A
24519013B	R0119801	2/24/2014	$72.41	YES	$895.80	LAKE HAVASU ESTATES UNIT 7 BLK A THE N2 OF LOT 13
24519014B	R0119809	2/22/2013	$57.41	YES	$539.80	LAKE HAVASU ESTATES UNIT 7 BLK A THE N2 OF LOT 14
24519023A	R0119841	2/24/2014	$72.41	YES	$1,417.50	LAKE HAVASU ESTATES UNIT 7 BLK B THE S2 OF LOT 7
24519023B	R0119845	2/24/2014	$72.41	YES	$1,417.50	LAKE HAVASU ESTATES UNIT 7 BLK B THE N2 OF LOT 7
24519026A	R0119865	2/24/2014	$72.41	YES	$895.80	LAKE HAVASU ESTATES UNIT 7 BLK B THE S2 OF LOT 10
24519029A	R0117894	2/22/2013	$57.41	YES	$1,572.26	LAKE HAVASU ESTATES UNIT 7 BLK B THE N2 OF LOT 13
24519048B	R0119956	2/24/2014	$72.41	YES	$1,417.50	LAKE HAVASU ESTATES UNIT 7 BLK D THE S2 OF LOT 4
24519150	R0119722	2/24/2014	$109.32	YES	$790.87	LAKE HAVASU ESTATES UNIT 7 BLK J LOT 11
24521101A	R0119834	2/22/2013	$88.64	YES	$2,253.74	DESERT SHADOWS RANCHOS UNIT 1 BLK G S2 LOT 7
24521116	R0119816	2/22/2013	$122.67	YES	$3,273.99	DESERT SHADOWS RANCHOS UNIT 1 BLK H LOT 5
30413027	R0123994	2/22/2013	$30.67	YES	$1,038.66	WEST KINGMAN ADD #1 LOTS 21 22 23 BLK 5 SEC 23 21N 17W
30413035D	R0124986	2/22/2013	$30.23	YES	$961.49	WEST KINGMAN ADD #2 BLK 1 LOT 32 SEC 23 21N 17W
30413042Y	R0125026	2/22/2013	$30.23	YES	$1,141.47	WEST KINGMAN ADDN #3 T21N R17W SEC 23 BLK 1 LOT 35 (304-13-042V & W)
30413043F	R0125040	2/22/2013	$36.24	YES	$1,166.65	WEST KINGMAN ADD #2 LOT 46 BLK 2 SEC 23 T21 R17
30413051B	R0125156	2/24/2014	$29.19	YES	$1,024.97	WEST KINGMAN ADD #2 LOT 28 BLK 3 SEC 23 21N 17W
30413066C	R0125326	2/24/2014	$30.33	YES	$1,043.55	WEST KINGMAN ADDN #2 BLK 4 LOTS 41 & 42
30413073	R0125402	2/22/2013	$30.35	YES	$1,056.23	WEST KINGMAN ADD #2 LOT 20 BLK 6 SEC 23 21N 17W
23015058D	R0257015	2/22/2013	$840.73	YES	$24,263.45	COLORADO RIVER ESTATES RE-AMENDED LOT 50 EXCEPT THE SOUTH 60' PER 917/723 & 828/347 TOGETHER WITH THE NORTH 18' OF THE SOUTH 60' AS ABANDONED PER RES 98R-113 REC IN 2503/31
22124038	R0090852	2/24/2014	$68.52	YES	$1,983.59	OLD TRAILS & YORK ADD SUR RIGHT BLOCK 4 LOT 1
22124046	R0090886	2/24/2014	$68.52	YES	$1,983.59	OLD TRAILS & YORK ADD SUR RIGHT LOT 8 BLK 5
22124353	R0090906	2/24/2014	$68.52	YES	$1,981.17	OLD TRAILS & YORK ADD SUR RIGHT LOT 1 BLK 6
22124354	R0090912	2/24/2014	$68.52	YES	$1,981.17	OLD TRAILS & YORK ADD SUR RIGHT LOT 2 BLK 6
22124355	R0090916	2/24/2014	$68.52	YES	$1,981.17	OLD TRAILS & YORK ADD SUR RIGHT LOT 3 BLK 6
22124360	R0090936	2/24/2014	$68.52	YES	$1,981.17	OLD TRAILS & YORK ADD SUR RIGHT LOT 8 BLK 6
22202016	R0093691	2/24/2014	$1,122.36	YES	$16,262.08	THE N 776.413' OF THE E 1095.600' OF LOT 4 OF SEC 1 EXC THE E 646.800' THEREOF BEING 8AC M/L
22403041	R0096800	2/22/2013	$48.86	YES	$1,348.37	T17N R20W SEC 29 NW4 NE4 NE4 NE4 CONT 2.5 ACRES
22414133	R0096957	2/24/2014	$42.20	YES	$1,249.26	DELTA CITY UNIT 2 TRACT 1114 LOT 133
22415024	R0097185	2/24/2014	$42.20	YES	$1,279.26	DELTA CITY UNIT 4 TRACT 1116 LOT 24
22415025	R0097189	2/24/2014	$42.20	YES	$1,279.26	DELTA CITY UNIT 4 TRACT 1116 LOT 25
22415037	R0097237	2/24/2014	$42.20	YES	$1,279.26	DELTA CITY UNIT 4 TRACT 1116 LOT 37
22415041	R0097253	2/24/2014	$42.20	YES	$1,279.26	DELTA CITY UNIT 4 TRACT 1116 LOT 41
22415042	R0097257	2/24/2014	$42.20	YES	$1,279.26	DELTA CITY UNIT 4 TRACT 1116 LOT 42
22425130	R0098307	2/24/2014	$38.89	YES	$1,203.43	AGUA VISTA ACRES TRACT 1036 PARCEL J ACCORDING TO THE PLAT THEREOF 11/9/66 FEE# 16182 (3236/28) CONT 42 SQ FT
24518432	R0119498	2/22/2013	$68.79	YES	$1,714.60	LAKE HAVASU ESTATES UNIT 6 BLK N LOT 9A
24518443	R0119513	2/22/2013	$68.79	YES	$833.15	LAKE HAVASU ESTATES UNIT 6 BLK N LOT 14A
24519013B	R0119801	2/24/2014	$72.41	YES	$895.80	LAKE HAVASU ESTATES UNIT 7 BLK A THE N2 OF LOT 13
24519014B	R0119809	2/22/2013	$57.41	YES	$539.80	LAKE HAVASU ESTATES UNIT 7 BLK A THE N2 OF LOT 14
24519023A	R0119841	2/24/2014	$72.41	YES	$1,417.50	LAKE HAVASU ESTATES UNIT 7 BLK B THE S2 OF LOT 7
24519023B	R0119845	2/24/2014	$72.41	YES	$1,417.50	LAKE HAVASU ESTATES UNIT 7 BLK B THE N2 OF LOT 7
24519026A	R0119865	2/24/2014	$72.41	YES	$895.80	LAKE HAVASU ESTATES UNIT 7 BLK B THE S2 OF LOT 10
24519029A	R0117894	2/22/2013	$57.41	YES	$1,572.26	LAKE HAVASU ESTATES UNIT 7 BLK B THE N2 OF LOT 13
24519048B	R0119956	2/24/2014	$72.41	YES	$1,417.50	LAKE HAVASU ESTATES UNIT 7 BLK D THE S2 OF LOT 4
24519150	R0119722	2/24/2014	$109.32	YES	$790.87	LAKE HAVASU ESTATES UNIT 7 BLK J LOT 11
24521101A	R0119834	2/22/2013	$88.64	YES	$2,253.74	DESERT SHADOWS RANCHOS UNIT 1 BLK G S2 LOT 7
24521116	R0119816	2/22/2013	$122.67	YES	$3,273.99	DESERT SHADOWS RANCHOS UNIT 1 BLK H LOT 5
30413027	R0123994	2/22/2013	$30.67	YES	$1,038.66	WEST KINGMAN ADD #1 LOTS 21 22 23 BLK 5 SEC 23 21N 17W
30413035D	R0124986	2/22/2013	$30.23	YES	$961.49	WEST KINGMAN ADD #2 BLK 1 LOT 32 SEC 23 21N 17W
30413042Y	R0125026	2/22/2013	$30.23	YES	$1,141.47	WEST KINGMAN ADDN #3 T21N R17W SEC 23 BLK 1 LOT 35 (304-13-042V & W)
30413043F	R0125040	2/22/2013	$36.24	YES	$1,166.65	WEST KINGMAN ADD #2 LOT 46 BLK 2 SEC 23 T21 R17
30413051B	R0125156	2/24/2014	$29.19	YES	$1,024.97	WEST KINGMAN ADD #2 LOT 28 BLK 3 SEC 23 21N 17W
30413066C	R0125326	2/24/2014	$30.33	YES	$1,043.55	WEST KINGMAN ADDN #2 BLK 4 LOTS 41 & 42
30413073	R0125402	2/22/2013	$30.35	YES	$1,056.23	WEST KINGMAN ADD #2 LOT 20 BLK 6 SEC 23 21N 17W
23015058D	R0257015	2/22/2013	$840.73	YES	$24,263.45	COLORADO RIVER ESTATES RE-AMENDED LOT 50 EXCEPT THE SOUTH 60' PER 917/723 & 828/347 TOGETHER WITH THE NORTH 18' OF THE SOUTH 60' AS ABANDONED PER RES 98R-113 REC IN 2503/31
22124038	R0090852	2/24/2014	$68.52	YES	$1,983.59	OLD TRAILS & YORK ADD SUR RIGHT BLOCK 4 LOT 1
22124046	R0090886	2/24/2014	$68.52	YES	$1,983.59	OLD TRAILS & YORK ADD SUR RIGHT LOT 8 BLK 5
22124353	R0090906	2/24/2014	$68.52	YES	$1,981.17	OLD TRAILS & YORK ADD SUR RIGHT LOT 1 BLK 6
22124354	R0090912	2/24/2014	$68.52	YES	$1,981.17	OLD TRAILS & YORK ADD SUR RIGHT LOT 2 BLK 6
22124355	R0090916	2/24/2014	$68.52	YES	$1,981.17	OLD TRAILS & YORK ADD SUR RIGHT LOT 3 BLK 6
22124360	R0090936	2/24/2014	$68.52	YES	$1,981.17	OLD TRAILS & YORK ADD SUR RIGHT LOT 8 BLK 6
22202016	R0093691	2/24/2014	$1,122.36	YES	$16,262.08	THE N 776.413' OF THE E 1095.600' OF LOT 4 OF SEC 1 EXC THE E 646.800' THEREOF BEING 8AC M/L
22403041	R0096800	2/22/2013	$48.86	YES	$1,348.37	T17N R20W SEC 29 NW4 NE4 NE4 NE4 CONT 2.5 ACRES
22414133	R0096957	2/24/2014	$42.20	YES	$1,249.26	DELTA CITY UNIT 2 TRACT 1114 LOT 133
22415024	R0097185	2/24/2014	$42.20	YES	$1,279.26	DELTA CITY UNIT 4 TRACT 1116 LOT 24
22415025	R0097189	2/24/2014	$42.20	YES	$1,279.26	DELTA CITY UNIT 4 TRACT 1116 LOT 25
22415037	R0097237	2/24/2014	$42.20	YES	$1,279.26	DELTA CITY UNIT 4 TRACT 1116 LOT 37
22415041	R0097253	2/24/2014	$42.20	YES	$1,279.26	DELTA CITY UNIT 4 TRACT 1116 LOT 41
22415042	R0097257	2/24/2014	$42.20	YES	$1,279.26	DELTA CITY UNIT 4 TRACT 1116 LOT 42
22425130	R0098307	2/24/2014	$38.89	YES	$1,203.43	AGUA VISTA ACRES TRACT 1036 PARCEL J ACCORDING TO THE PLAT THEREOF 11/9/66 FEE# 16182 (3236/28) CONT 42 SQ FT
24518432	R0119498	2/22/2013	$68.79	YES	$1,714.60	LAKE HAVASU ESTATES UNIT 6 BLK N LOT 9A
24518443	R0119513	2/22/2013	$68.79	YES	$833.15	LAKE HAVASU ESTATES UNIT 6 BLK N LOT 14A
24519013B	R0119801	2/24/2014	$72.41	YES	$895.80	LAKE HAVASU ESTATES UNIT 7 BLK A THE N2 OF LOT 13
24519014B	R0119809	2/22/2013	$57.41	YES	$539.80	LAKE HAVASU ESTATES UNIT 7 BLK A THE N2 OF LOT 14
24519023A	R0119841	2/24/2014	$72.41	YES	$1,417.50	LAKE HAVASU ESTATES UNIT 7 BLK B THE S2 OF LOT 7
24519023B	R0119845	2/24/2014	$72.41	YES	$1,417.50	LAKE HAVASU ESTATES UNIT 7 BLK B THE N2 OF LOT 7
24519026A	R0119865	2/24/2014	$72.41	YES	$895.80	LAKE HAVASU ESTATES UNIT 7 BLK B THE S2 OF LOT 10
24519029A	R0117894	2/22/2013	$57.41	YES	$1,572.26	LAKE HAVASU ESTATES UNIT 7 BLK B THE N2 OF LOT 13
24519048B	R0119956	2/24/2014	$72.41	YES	$1,417.50	LAKE HAVASU ESTATES UNIT 7 BLK D THE S2 OF LOT 4
24519150	R0119722	2/24/2014	$109.32	YES	$790.87	LAKE HAVASU ESTATES UNIT 7 BLK J LOT 11
24521101A	R0119834	2/22/2013	$88.64	YES	$2,253.74	DESERT SHADOWS RANCHOS UNIT 1 BLK G S2 LOT 7
24521116	R0119816	2/22/2013	$122.67	YES	$3,273.99	DESERT SHADOWS RANCHOS UNIT 1 BLK H LOT 5
30413027	R0123994	2/22/2013	$30.67	YES	$1,038.66	WEST KINGMAN ADD #1 LOTS 21 22 23 BLK 5 SEC 23 21N 17W
30413035D	R0124986	2/22/2013	$30.23	YES	$961.49	WEST KINGMAN ADD #2 BLK 1 LOT 32 SEC 23 21N 17W
30413042Y	R0125026	2/22/2013	$30.23	YES	$1,141.47	WEST KINGMAN ADDN #3 T21N R17W SEC 23 BLK 1 LOT 35 (304-13-042V & W)
30413043F	R0125040	2/22/2013	$36.24	YES	$1,166.65	WEST KINGMAN ADD #2 LOT 46 BLK 2 SEC 23 T21 R17
30413051B	R0125156	2/24/2014	$29.19	YES	$1,024.97	WEST KINGMAN ADD #2 LOT 28 BLK 3 SEC 23 21N 17W
30413066C	R0125326	2/24/2014	$30.33	YES	$1,043.55	WEST KINGMAN ADDN #2 BLK 4 LOTS 41 & 42
30413073	R0125402	2/22/2013	$30.35	YES	$1,056.23	WEST KINGMAN ADD #2 LOT 20 BLK 6 SEC 23 21N 17W
23015058D	R0257015	2/22/2013	$840.73	YES	$24,263.45	COLORADO RIVER ESTATES RE-AMENDED LOT 50 EXCEPT THE SOUTH 60' PER 917/723 & 828/347 TOGETHER WITH THE NORTH 18' OF THE SOUTH 60' AS ABANDONED PER RES 98R-113 REC IN 2503/31
22124038	R0090852	2/24/2014	$68.52	YES	$1,983.59	OLD TRAILS & YORK ADD SUR RIGHT BLOCK 4 LOT 1
22124046	R0090886	2/24/2014	$68.52	YES	$1,983.59	OLD TRAILS & YORK ADD SUR RIGHT LOT 8 BLK 5
22124353	R0090906	2/24/2014	$68.52	YES	$1,981.17	OLD TRAILS & YORK ADD SUR RIGHT LOT 1 BLK 6
22124354	R0090912	2/24/2014	$68.52	YES	$1,981.17	OLD TRAILS & YORK ADD SUR RIGHT LOT 2 BLK 6
22124355	R0090916	2/24/2014	$68.52	YES	$1,981.17	OLD TRAILS & YORK ADD SUR RIGHT LOT 3 BLK 6
22124360	R0090936	2/24/2014	$68.52	YES	$1,981.17	OLD TRAILS & YORK ADD SUR RIGHT LOT 8 BLK 6
22202016	R0093691	2/24/2014	$1,122.36	YES	$16,262.08	THE N 776.413' OF THE E 1095.600' OF LOT 4 OF SEC 1 EXC THE E 646.800' THEREOF BEING 8AC M/L
22403041	R0096800	2/22/2013	$48.86	YES	$1,348.37	T17N R20W SEC 29 NW4 NE4 NE4 NE4 CONT 2.5 ACRES
22414133	R0096957	2/24/2014	$42.20	YES	$1,249.26	DELTA CITY UNIT 2 TRACT 1114 LOT 133
22415024	R0097185	2/24/2014	$42.20	YES	$1,279.26	DELTA CITY UNIT 4 TRACT 1116 LOT 24
22415025	R0097189	2/24/2014	$42.20	YES	$1,279.26	DELTA CITY UNIT 4 TRACT 1116 LOT 25
22415037	R0097237	2/24/2014	$42.20	YES	$1,279.26	DELTA CITY UNIT 4 TRACT 1116 LOT 37
22415041	R0097253	2/24/2014	$42.20	YES	$1,279.26	DELTA CITY UNIT 4 TRACT 1116 LOT 41
22415042	R0097257	2/24/2014	$42.20	YES	$1,279.26	DELTA CITY UNIT 4 TRACT 1116 LOT 42
22425130	R0098307	2/24/2014	$38.89	YES	$1,203.43	AGUA VISTA ACRES TRACT 1036 PARCEL J ACCORDING TO THE PLAT THEREOF 11/9/66 FEE# 16182 (3236/28) CONT 42 SQ FT
24518432	R0119498	2/22/2013	$68.79	YES	$1,714.60	LAKE HAVASU ESTATES UNIT 6 BLK N LOT 9A
24518443	R0119513	2/22/2013	$68.79	YES	$833.15	LAKE HAVASU ESTATES UNIT 6 BLK N LOT 14A
24519013B	R0119801	2/24/2014	$72.41	YES	$895.80	LAKE HAVASU ESTATES UNIT 7 BLK A THE N2 OF LOT 13
24519014B	R0119809	2/22/2013	$57.41	YES	$539.80	LAKE HAVASU ESTATES UNIT 7 BLK A THE N2 OF LOT 14
24519023A	R0119841	2/24/2014	$72.41	YES	$1,417.50	LAKE HAVASU ESTATES UNIT 7 BLK B THE S2 OF LOT 7
24519023B	R0119845	2/24/2014	$72.41	YES	$1,417.50	LAKE HAVASU ESTATES UNIT 7 BLK B THE N2 OF LOT 7
24519026A	R0119865	2/24/2014	$72.41	YES	$895.80	LAKE HAVASU ESTATES UNIT 7 BLK B THE S2 OF LOT 10
24519029A	R0117894	2/22/2013	$57.41	YES	$1,572.26	LAKE HAVASU ESTATES UNIT 7 BLK B THE N2 OF LOT 13
24519048B	R0119956	2/24/2014	$72.41	YES	$1,417.50	LAKE HAVASU ESTATES UNIT 7 BLK D THE S2 OF LOT 4
24519150	R0119722	2/24/2014	$109.32	YES	$790.87	LAKE HAVASU ESTATES UNIT 7 BLK J LOT 11
24521101A	R0119834	2/22/2013	$88.64	YES	$2,253.74	DESERT SHADOWS RANCHOS UNIT 1 BLK G S2 LOT 7
24521116	R0119816	2/22/2013	$122.67	YES	$3,273.99	DESERT SHADOWS RANCHOS UNIT 1 BLK H LOT 5
30413027	R0123994	2/22/2013	$30.67	YES	$1,038.66	WEST KINGMAN ADD #1 LOTS 21 22 23 BLK 5 SEC 23 21N 17W
30413035D	R0124986	2/22/2013	$30.23	YES	$961.49	WEST KINGMAN ADD #2 BLK 1 LOT 32 SEC 23 21N 17W
30413042Y	R0125026	2/22/2013	$30.23	YES	$1,141.47	WEST KINGMAN ADDN #3 T21N R17W SEC 23 BLK 1 LOT 35 (304-13-042V & W)
30413043F	R0125040	2/22/2013	$36.24	YES	$1,166.65	WEST KINGMAN ADD #2 LOT 46 BLK 2 SEC 23 T21 R17
30413051B	R0125156	2/24/2014	$29.19	YES	$1,024.97	WEST KINGMAN ADD #2 LOT 28 BLK 3 SEC 23 21N 17W
30413066C	R0125326	2/24/2014	$30.33	YES	$1,043.55	WEST KINGMAN ADDN #2 BLK 4 LOTS 41 & 42
30413073	R0125402	2/22/2013	$30.35	YES	$1,056.23	WEST KINGMAN ADD #2 LOT 20 BLK 6 SEC 23 21N 17W
23015058D	R0257015	2/22/2013	$840.73	YES	$24,263.45	COLORADO RIVER ESTATES RE-AMENDED LOT 50 EXCEPT THE SOUTH 60' PER 917/723 & 828/347 TOGETHER WITH THE NORTH 18' OF THE SOUTH 60' AS ABANDONED PER RES 98R-113 REC IN 2503/31
22124038	R0090852	2/24/2014	$68.52	YES	$1,983.59	OLD TRAILS & YORK ADD SUR RIGHT BLOCK 4 LOT 1
22124046	R0090886	2/24/2014	$68.52	YES	$1,983.59	OLD TRAILS & YORK ADD SUR RIGHT LOT 8 BLK 5
22124353	R0090906	2/24/2014	$68.52	YES	$1,981.17	OLD TRAILS & YORK ADD SUR RIGHT LOT 1 BLK 6
22124354	R0090912	2/24/2014	$68.52	YES	$1,981.17	OLD TRAILS & YORK ADD SUR RIGHT LOT 2 BLK 6
22124355	R0090916	2/24/2014	$68.52	YES	$1,981.17	OLD TRAILS & YORK ADD SUR RIGHT LOT 3 BLK 6
22124360	R0090936	2/24/2014	$68.52	YES	$1,981.17	OLD TRAILS & YORK ADD SUR RIGHT LOT 8 BLK 6
22202016	R0093691	2/24/2014	$1,122.36	YES	$16,262.08	THE N 776.413' OF THE E 1095.600' OF LOT 4 OF SEC 1 EXC THE E 646.800' THEREOF BEING 8AC M/L
22403041	R0096800	2/22/2013	$48.86	YES	$1,348.37	T17N R20W SEC 29 NW4 NE4 NE4 NE4 CONT 2.5 ACRES
22414133	R0096957	2/24/2014	$42.20	YES	$1,249.26	DELTA CITY UNIT 2 TRACT 1114 LOT 133
22415024	R0097185	2/24/2014	$42.20	YES	$1,279.26	DELTA CITY UNIT 4 TRACT 1116 LOT 24
22415025	R0097189	2/24/2014	$42.20	YES	$1,279.26	DELTA CITY UNIT 4 TRACT 1116 LOT 25
22415037	R0097237	2/24/2014	$42.20	YES	$1,279.26	DELTA CITY UNIT 4 TRACT 1116 LOT 37
22415041	R0097253	2/24/2014	$42.20	YES	$1,279.26	DELTA CITY UNIT 4 TRACT 1116 LOT 41
22415042	R0097257	2/24/2014	$42.20	YES	$1,279.26	DELTA CITY UNIT 4 TRACT 1116 LOT 42
22425130	R0098307	2/24/2014	$38.89	YES	$1,203.43	AGUA VISTA ACRES TRACT 1036 PARCEL J ACCORDING TO THE PLAT THEREOF 11/9/66 FEE# 16182 (3236/28) CONT 42 SQ FT
24518432	R0119498	2/22/2013	$68.79	YES	$1,714.60	LAKE HAVASU ESTATES UNIT 6 BLK N LOT 9A
24518443	R0119513	2/22/2013	$68.79	YES	$833.15	LAKE HAVASU ESTATES UNIT 6 BLK N LOT 14A
24519013B	R0119801	2/24/2014	$72.41	YES	$895.80	LAKE HAVASU ESTATES UNIT 7 BLK A THE N2 OF LOT 13
24519014B	R0119809	2/22/2013	$57.41	YES	$539.80	LAKE HAVASU ESTATES UNIT 7 BLK A THE N2 OF LOT 14
24519023A	R0119841	2/24/2014	$72.41	YES	$1,417.50	LAKE HAVASU ESTATES UNIT 7 BLK B THE S2 OF LOT 7
24519023B	R0119845	2/24/2014	$72.41	YES	$1,417.50	LAKE HAVASU ESTATES UNIT 7 BLK B THE N2 OF LOT 7
24519026A	R0119865	2/24/2014	$72.41	YES	$895.80	LAKE HAVASU ESTATES UNIT 7 BLK B THE S2 OF LOT 10
24519029A	R0117894	2/22/2013	$57.41	YES	$1,572.26	LAKE HAVASU ESTATES UNIT 7 BLK B THE N2 OF LOT 13
24519048B	R0119956	2/24/2014	$72.41	YES	$1,417.50	LAKE HAVASU ESTATES UNIT 7 BLK D THE S2 OF LOT 4
24519150	R0119722	2/24/2014	$109.32	YES	$790.87	LAKE HAVASU ESTATES UNIT 7 BLK J LOT 11
24521101A	R0119834	2/22/2013	$88.64	YES	$2,253.74	DESERT SHADOWS RANCHOS UNIT 1 BLK G S2 LOT 7
24521116	R0119816	2/22/2013	$122.67	YES	$3,273.99	DESERT SHADOWS RANCHOS UNIT 1 BLK H LOT 5
30413027	R0123994	2/22/2013	$30.67	YES	$1,038.66	WEST KINGMAN ADD #1 LOTS 21 22 23 BLK 5 SEC 23 21N 17W
30413035D	R0124986	2/22/2013	$30.23	YES	$961.49	WEST KINGMAN ADD #2 BLK 1 LOT 32 SEC 23 21N 17W
30413042Y	R0125026	2/22/2013	$30.23	YES	$1,141.47	WEST KINGMAN ADDN #3 T21N R17W SEC 23 BLK 1 LOT 35 (304-13-042V & W)
30413043F	R0125040	2/22/2013	$36.24	YES	$1,166.65	WEST KINGMAN ADD #2 LOT 46 BLK 2 SEC 23 T21 R17
30413051B	R0125156	2/24/2014	$29.19	YES	$1,024.97	WEST KINGMAN ADD #2 LOT 28 BLK 3 SEC 23 21N 17W
30413066C	R0125326	2/24/2014	$30.33	YES	$1,043.55	WEST KINGMAN ADDN #2 BLK 4 LOTS 41 & 42
30413073	R0125402	2/22/2013	$30.35	YES	$1,056.23	WEST KINGMAN ADD #2 LOT 20 BLK 6 SEC 23 21N 17W
23015058D	R0257015	2/22/2013	$840.73	YES	$24,263.45	COLORADO RIVER ESTATES RE-AMENDED LOT 50 EXCEPT THE SOUTH 60' PER 917/723 & 828/347 TOGETHER WITH THE NORTH 18' OF THE SOUTH 60' AS ABANDONED PER RES 98R-113 REC IN 2503/31
22124038	R0090852	2/24/2014	$68.52	YES	$1,983.59	OLD TRAILS & YORK ADD SUR RIGHT BLOCK 4 LOT 1
22124046	R0090886	2/24/2014	$68.52	YES	$1,983.59	OLD TRAILS & YORK ADD SUR RIGHT LOT 8 BLK 5
22124353	R0090906	2/24/2014	$68.52	YES	$1,981.17	OLD TRAILS & YORK ADD SUR RIGHT LOT 1 BLK 6
22124354	R0090912	2/24/2014	$68.52	YES	$1,981.17	OLD TRAILS & YORK ADD SUR RIGHT LOT 2 BLK 6
22124355	R0090916	2/24/2014	$68.52	YES	$1,981.17	OLD TRAILS & YORK ADD SUR RIGHT LOT 3 BLK 6
22124360	R0090936	2/24/2014	$68.52	YES	$1,981.17	OLD TRAILS & YORK ADD SUR RIGHT LOT 8 BLK 6
22202016	R0093691	2/24/2014	$1,122.36	YES	$16,262.08	THE N 776.413' OF THE E 1095.600' OF LOT 4 OF SEC 1 EXC THE E 646.800' THEREOF BEING 8AC M/L
22403041	R0096800	2/22/2013	$48.86	YES	$1,348.37	T17N R20W SEC 29 NW4 NE4 NE4 NE4 CONT 2.5 ACRES
22414133	R0096957	2/24/2014	$42.20	YES	$1,249.26	DELTA CITY UNIT 2 TRACT 1114 LOT 133
22415024	R0097185	2/24/2014	$42.20	YES	$1,279.26	DELTA CITY UNIT 4 TRACT 1116 LOT 24
22415025	R0097189	2/24/2014	$42.20	YES	$1,279.26	DELTA CITY UNIT 4 TRACT 1116 LOT 25
22415037	R0097237	2/24/2014	$42.20	YES	$1,279.26	DELTA CITY UNIT 4 TRACT 1116 LOT 37
22415041	R0097253	2/24/2014	$42.20	YES	$1,279.26	DELTA CITY UNIT 4 TRACT 1116 LOT 41
22415042	R0097257	2/24/2014	$42.20	YES	$1,279.26	DELTA CITY UNIT 4 TRACT 1116 LOT 42
22425130	R0098307	2/24/2014	$38.89	YES	$1,203.43	AGUA VISTA ACRES TRACT 1036 PARCEL J ACCORDING TO THE PLAT THEREOF 11/9/66 FEE# 16182 (3236/28) CONT 42 SQ FT
24518432	R0119498	2/22/2013	$68.79	YES	$1,714.60	LAKE HAVASU ESTATES UNIT 6 BLK N LOT 9A
24518443	R0119513	2/22/2013	$68.79	YES	$833.15	LAKE HAVASU ESTATES UNIT 6 BLK N LOT 14A
24519013B	R0119801	2/24/2014	$72.41	YES	$895.80	LAKE HAVASU ESTATES UNIT 7 BLK A THE N2 OF LOT 13
24519014B	R0119809	2/22/2013	$57.41	YES	$539.80	LAKE HAVASU ESTATES UNIT 7 BLK A THE N2 OF LOT 14
24519023A	R0119841	2/24/2014	$72.41	YES	$1,417.50	LAKE HAVASU ESTATES UNIT 7 BLK B THE S2 OF LOT 7
24519023B	R0119845	2/24/2014	$72.41	YES	$1,417.50	LAKE HAVASU ESTATES UNIT 7 BLK B THE N2 OF LOT 7
24519026A	R0119865	2/24/2014	$72.41	YES	$895.80	LAKE HAVASU ESTATES UNIT 7 BLK B THE S2 OF LOT 10
24519029A	R0117894	2/22/2013	$57.41	YES	$1,572.26	LAKE HAVASU ESTATES UNIT 7 BLK B THE N2 OF LOT 13
24519048B	R0119956	2/24/2014	$72.41	YES	$1,417.50	LAKE HAVASU ESTATES UNIT 7 BLK D THE S2 OF LOT 4
24519150	R0119722	2/24/2014	$109.32	YES	$790.87	LAKE HAVASU ESTATES UNIT 7 BLK J LOT 11
24521101A	R0119834	2/22/2013	$88.64	YES	$2,253.74	DESERT SHADOWS RANCHOS UNIT 1 BLK G S2 LOT 7
24521116	R0119816	2/22/2013	$122.67	YES	$3,273.99	DESERT SHADOWS RANCHOS UNIT 1 BLK H LOT 5
30413027	R0123994	2/22/2013	$30.67	YES	$1,038.66	WEST KINGMAN ADD #1 LOTS 21 22 23 BLK 5 SEC 23 21N 17W
30413035D	R0124986	2/22/2013	$30.23	YES	$961.49	WEST KINGMAN ADD #2 BLK 1 LOT 32 SEC 23 21N 17W
30413042Y	R0125026	2/22/2013	$30.23	YES	$1,141.47	WEST KINGMAN ADDN #3 T21N R17W SEC 23 BLK 1 LOT 35 (304-13-042V & W)
30413043F	R0125040	2/22/2013	$36.24	YES	$1,166.65	WEST KINGMAN ADD #2 LOT 46 BLK 2 SEC 23 T21 R17
30413051B	R0125156	2/24/2014	$29.19	YES	$1,024.97	WEST KINGMAN ADD #2 LOT 28 BLK 3 SEC 23 21N 17W
30413066C	R0125326	2/24/2014	$30.33	YES	$1,043.55	WEST KINGMAN ADDN #2 BLK 4 LOTS 41 & 42
30413073	R0125402	2/22/2013	$30.35	YES	$1,056.23	WEST KINGMAN ADD #2 LOT 20 BLK 6 SEC 23 21N 17W
23015058D	R0257015	2/22/2013	$840.73	YES	$24,263.45	COLORADO RIVER ESTATES RE-AMENDED LOT 50 EXCEPT THE SOUTH 60' PER 917/723 & 828/347 TOGETHER WITH THE NORTH 18' OF THE SOUTH 60' AS ABANDONED PER RES 98R-113 REC IN 2503/31
22124038	R0090852	2/24/2014	$68.52	YES	$1,983.59	OLD TRAILS & YORK ADD SUR RIGHT BLOCK 4 LOT 1
22124046	R0090886	2/24/2014	$68.52	YES	$1,983.59	OLD TRAILS & YORK ADD SUR RIGHT LOT 8 BLK 5
22124353	R0090906	2/24/2014	$68.52	YES	$1,981.17	OLD TRAILS & YORK ADD SUR RIGHT LOT 1 BLK 6
22124354	R0090912	2/24/2014	$68.52	YES	$1,981.17	OLD TRAILS & YORK ADD SUR RIGHT LOT 2 BLK 6
22124355	R0090916	2/24/2014	$68.52	YES	$1,981.17	OLD TRAILS & YORK ADD SUR RIGHT LOT 3 BLK 6
22124360	R0090936	2/24/2014	$68.52	YES	$1,981.17	OLD TRAILS & YORK ADD SUR RIGHT LOT 8 BLK 6
22202016	R0093691	2/24/2014	$1,122.36	YES	$16,262.08	THE N 776.413' OF THE E 1095.600' OF LOT 4 OF SEC 1 EXC THE E 646.800' THEREOF BEING 8AC M/L
22403041	R0096800	2/22/2013	$48.86	YES	$1,348.37	T17N R20W SEC 29 NW4 NE4 NE4 NE4 CONT 2.5 ACRES
22414133	R0096957	2/24/2014	$42.20	YES	$1,249.26	DELTA CITY UNIT 2 TRACT 1114 LOT 133
22415024	R0097185	2/24/2014	$42.20	YES	$1,279.26	DELTA CITY UNIT 4 TRACT 1116 LOT 24
22415025	R0097189	2/24/2014	$42.20	YES	$1,279.26	DELTA CITY UNIT 4 TRACT 1116 LOT 25
22415037	R0097237	2/24/2014	$42.20	YES	$1,279.26	DELTA CITY UNIT 4 TRACT 1116 LOT 37
22415041	R0097253	2/24/2014	$42.20	YES	$1,279.26	DELTA CITY UNIT 4 TRACT 1116 LOT 41
22415042	R0097257	2/24/2014	$42.20	YES	$1,279.26	DELTA CITY UNIT 4 TRACT 1116 LOT 42
22425130	R0098307	2/24/2014	$38.89	YES	$1,203.43	AGUA VISTA ACRES TRACT 1036 PARCEL J ACCORDING TO THE PLAT THEREOF 11/9/66 FEE# 16182 (3236/28) CONT 42 SQ FT
24518432	R0119498	2/22/2013	$68.79	YES	$1,714.60	LAKE HAVASU ESTATES UNIT 6 BLK N LOT 9A
24518443	R0119513	2/22/2013	$68.79	YES	$833.15	LAKE HAVASU ESTATES UNIT 6 BLK N LOT 14A
24519013B	R0119801	2/24/2014	$72.41	YES	$895.80	LAKE HAVASU ESTATES UNIT 7 BLK A THE N2 OF LOT 13
24519014B	R0119809	2/22/2013	$57.41	YES	$539.80	LAKE HAVASU ESTATES UNIT 7 BLK A THE N2 OF LOT 14
24519023A	R0119841	2/24/2014	$72.41	YES	$1,417.50	LAKE HAVASU ESTATES UNIT 7 BLK B THE S2 OF LOT 7
24519023B	R0119845	2/24/2014	$72.41	YES	$1,417.50	LAKE HAVASU ESTATES UNIT 7 BLK B THE N2 OF LOT 7
24519026A	R0119865	2/24/2014	$72.41	YES	$895.80	LAKE HAVASU ESTATES UNIT 7 BLK B THE S2 OF LOT 10
24519029A	R0117894	2/22/2013	$57.41	YES	$1,572.26	LAKE HAVASU ESTATES UNIT 7 BLK B THE N2 OF LOT 13
24519048B	R0119956	2/24/2014	$72.41	YES	$1,417.50	LAKE HAVASU ESTATES UNIT 7 BLK D THE S2 OF LOT 4
24519150	R0119722	2/24/2014	$109.32	YES	$790.87	LAKE HAVASU ESTATES UNIT 7 BLK J LOT 11
24521101A	R0119834	2/22/2013	$88.64	YES	$2,253.74	DESERT SHADOWS RANCHOS UNIT 1 BLK G S2 LOT 7
24521116	R0119816	2/22/2013	$122.67	YES	$3,273.99	DESERT SHADOWS RANCHOS UNIT 1 BLK H LOT 5
30413027	R0123994	2/22/2013	$30.67	YES	$1,038.66	WEST KINGMAN ADD #1 LOTS 21 22 23 BLK 5 SEC 23 21N 17W
30413035D	R0124986	2/22/2013	$30.23	YES	$961.49	WEST KINGMAN ADD #2 BLK 1 LOT 32 SEC 23 21N 17W
